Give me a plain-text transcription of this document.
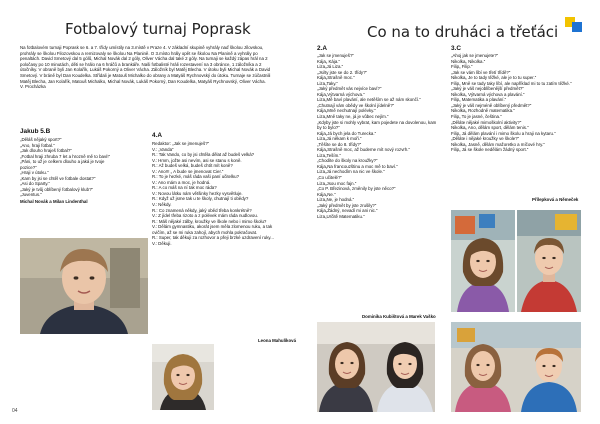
Fotbalový turnaj Poprask
Na fotbalovém turnaji Poprask se 6. a 7. třídy umístily na 3.místě v Praze 4. V základní skupině vyhrály naď školou Jílovskou, prohrály se školou Filozovskou a remizovaly se školou Na Planině. O 3.místo hrály opět se školou Na Planině a vyhrály po penaltách. David Smetový dal 5 gólů, Michal Novák dal 2 góly, Oliver Vácha dal také 2 góly. Na turnaji se každý zápas hrál na 2 poločasy po 10 minutách, děti se hrálo na 6 hráčů a brankáře. Naši fotbalisté hráli rozestavení na 3 obránce, 1 záložníka a 2 útočníky. V obraně byli Jan Kolařík, Lukáš Pokorný a Oliver Vácha. Záložník byl Matěj Blecha. V útoku byli Michal Novák a David Smetový. V bráně byl Dan Koudelka. Střídali je Matouš Michalko do obrany a Matyáš Rychnovský do útoku. Turnaje se zúčastnili Matěj Blecha, Jan Kolařík, Matouš Michalko, Michal Novák, Lukáš Pokorný, Dan Koudelka, Matyáš Rychnovský, Oliver Vácha.
V. Procházka
Jakub 5.B

„Děláš nějaký sport?“

„Ano, hraji fotbal.“

„Jak dlouho hraješ fotbal?“

„Fotbal hraji zhruba 7 let a hrozně mě to baví!“

„Páni, to už je celkem dlouho a jaká je tvoje pozice?“

„Hraji v útoku.“

„Kam by jsi se chtěl ve fotbale dostat?“

„Asi do Sparty.“

„Jaký je tvůj oblíbený fotbalový klub?“

„Juventus.“

Michal Novák a Milan Lindenthal

4.A

Redaktor: „Jak se jmenuješ?“

V.: „Vanda“

R.: Tak Vando, co by jsi chtěla dělat až budeš velká?

V.: Hmm, jožte asi nevím, asi se stanu s koně.

R.: Až budeš velká, budeš chtít mít koně?

V.: Ano!!! „ A bude se jmenovat Cier.“

R.: To je hezké, máš ráda vaši paní učitelku?

V.: Ano mám a moc, je hodná.

R.: A co máš na ní tak moc ráda?

V.: Novou látku nám většinky hezky vysvětluje.

R.: Když už jsme tak u te školy, chutnají ti obědy?

V.: Někdy.

R.: Co znamená někdy, jaký oběd třeba konkrétně?

V.: Z jídel třeba rizoto a z polévek mám ráda nudlovou.

R.: Máš nějaké zálby, kroužky ve škole nebo i mimo školu?

V.: Dělám gymnastiku, akorát jsem měla zlomenou ruku, a tak cvičím, až se mi ruka zahojí, abych mohla pokračovat.

R.: Super, tak děkuji za rozhovor a přeji brzké uzdravení ruky...

V.: Děkuji.

Leona Mahulíková
04
Co na to druháci a třeťáci
2.A

„Jak se jmenuješ?“

Kája„ Kája.“

Liza„Já Liza.“

„Jsi/ty jste se do 2. třídy?“

Kája„Strašně moc.“

Liza„Taky.“

„Jaký předmět vás nejvíce baví?“

Kája„Výtvarná výchova.“

Liza„Mě baví plavání, ale netěším se až nám skončí.“

„Chutnají vám obědy ve školní jídelně?“

Kája„Mně nechutnají polévky.“

Liza„Mně taky ne, já je vůbec nejím.“

„Kdyby jste si mohly vybrat, kam pojedete na dovolenou, kam by to bylo?“

Kája„Já bych jela do Turecka.“

Liza„Já někam k moři.“

„Těšíte se do 8. třídy?“

Kája„Strašně moc, až budeme mít nový rozvrh.“

Liza„Teším.“

„Chodíte do školy na kroužky?“

Kája„Na francouzštinu a moc mě to baví.“

Liza„Já nechodím na nic ve škole.“

„Co učitelé?“

Liza„Jsou moc fajn.“

„Co P. Březinová, změnily by jste něco?“

Kája„Ne.“

Liza„Ne, je hodná.“

„Jaký předmět by jste zrušily?“

Kája„Žádný, nevadí mi ani nic.“

Liza„Určitě Matematiku.“

Dominika Kubištová a Marek Vaško
3.C

„Ahoj jak se jmenujete?“

Nikolka„ Nikolka.“

Filip„ Filip.“

„Jak se vám líbí ve třetí třídě?“

Nikolka„ Je to tady těžké, ale je to tu super.“

Filip„ Mně se tady taky líbí, ale například mi to tu zatím těžké.“

„Jaký je váš nejoblíbenější předmět?“

Nikolka„ Výtvarná výchova a plavání.“

Filip„ Matematika a plavání.“

„Jaký je váš nejméně oblíbený předmět?“

Nikolka„ Rozhodně matematika.“

Filip„ To je jasné, čeština.“

„Děláte nějaké mimoškolní aktivity?“

Nikolka„ Ano, dělám sport, dělám tenis.“

Filip„ Já dělám plavání i mimo školu a hraji na kytaru.“

„Děláte i nějaké kroužky ve škole?“

Nikolka„ Jasně, dělám mažoretko a míčové hry.“

Filip„ Já se škole nedělám žádný sport.“

Přílepková a Němeček
